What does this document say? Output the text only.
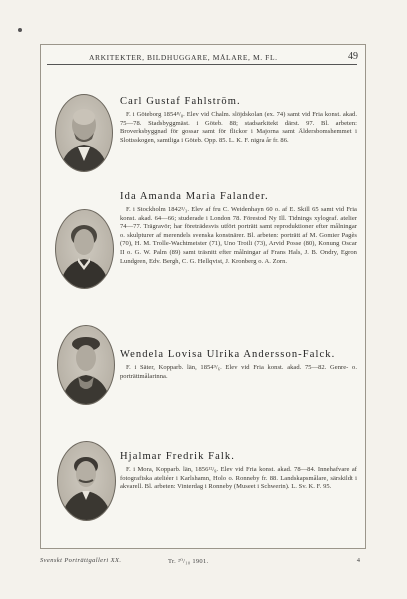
ARKITEKTER, BILDHUGGARE, MÅLARE, M. FL.	49
Carl Gustaf Fahlström.

F. i Göteborg 1854⁸/₈. Elev vid Chalm. slöjdskolan (ex. 74) samt vid Fria konst. akad. 75—78. Stadsbyggmäst. i Göteb. 88; stadsarkitekt därst. 97. Bl. arbeten: Broverksbyggnad för gossar samt för flickor i Majorna samt Äldersbomshemmet i Slottsskogen, samtliga i Göteb. Opp. 85. L. K. F. nigra år fr. 86.

Ida Amanda Maria Falander.

F. i Stockholm 1842³/₃. Elev af fru C. Weidenhayn 60 o. af E. Skill 65 samt vid Fria konst. akad. 64—66; studerade i London 78. Förestod Ny Ill. Tidnings xylograf. atelier 74—77. Trägravör; har företrädesvis utfört porträtt samt reproduktioner efter målningar o. skulpturer af merendels svenska konstnärer. Bl. arbeten: porträtt af M. Gomier Pagès (70), H. M. Trolle-Wachtmeister (71), Uno Troili (73), Arvid Posse (80), Konung Oscar II o. G. W. Palm (89) samt träsnitt efter målningar af Frans Hals, J. B. Ondry, Egron Lundgren, Edv. Bergh, C. G. Hellqvist, J. Kronberg o. A. Zorn.

Wendela Lovisa Ulrika Andersson-Falck.

F. i Säter, Kopparb. län, 1854⁹/₆. Elev vid Fria konst. akad. 75—82. Genre- o. porträttmålarinna.

Hjalmar Fredrik Falk.

F. i Mora, Kopparb. län, 1856¹²/₈. Elev vid Fria konst. akad. 78—84. Innehafvare af fotografiska ateliéer i Karlshamn, Holo o. Ronneby fr. 88. Landskapsmålare, särskildt i akvarell. Bl. arbeten: Vinterdag i Ronneby (Museet i Schwerin). L. Sv. K. F. 95.

Svenskt Porträttgalleri XX.	Tr. ²⁰/₁₀ 1901.	4
